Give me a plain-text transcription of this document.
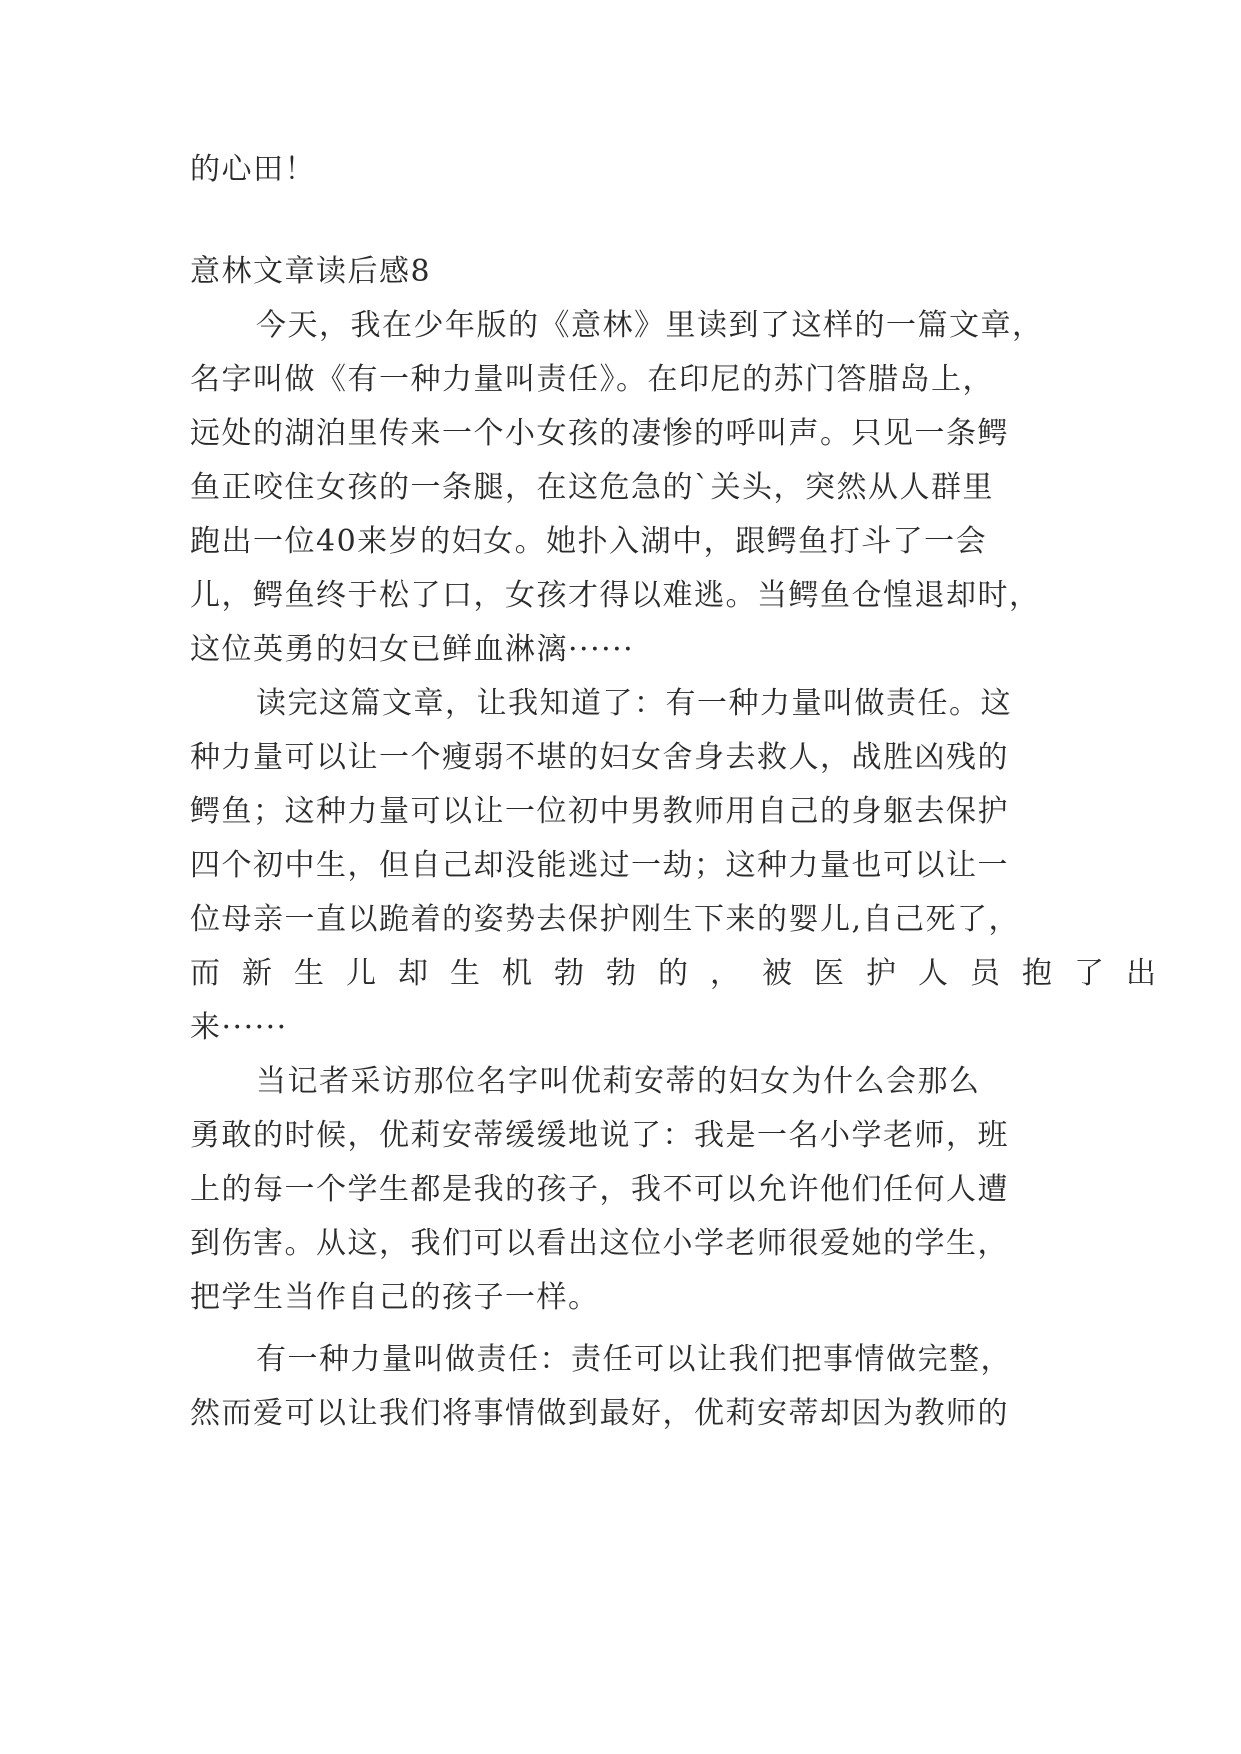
的心田！
意林文章读后感8
今天，我在少年版的《意林》里读到了这样的一篇文章，
名字叫做《有一种力量叫责任》。在印尼的苏门答腊岛上，
远处的湖泊里传来一个小女孩的凄惨的呼叫声。只见一条鳄
鱼正咬住女孩的一条腿，在这危急的`关头，突然从人群里
跑出一位40来岁的妇女。她扑入湖中，跟鳄鱼打斗了一会
儿，鳄鱼终于松了口，女孩才得以难逃。当鳄鱼仓惶退却时，
这位英勇的妇女已鲜血淋漓······
读完这篇文章，让我知道了：有一种力量叫做责任。这
种力量可以让一个瘦弱不堪的妇女舍身去救人，战胜凶残的
鳄鱼；这种力量可以让一位初中男教师用自己的身躯去保护
四个初中生，但自己却没能逃过一劫；这种力量也可以让一
位母亲一直以跪着的姿势去保护刚生下来的婴儿,自己死了，
而新生儿却生机勃勃的，被医护人员抱了出
来······
当记者采访那位名字叫优莉安蒂的妇女为什么会那么
勇敢的时候，优莉安蒂缓缓地说了：我是一名小学老师，班
上的每一个学生都是我的孩子，我不可以允许他们任何人遭
到伤害。从这，我们可以看出这位小学老师很爱她的学生，
把学生当作自己的孩子一样。
有一种力量叫做责任：责任可以让我们把事情做完整，
然而爱可以让我们将事情做到最好，优莉安蒂却因为教师的
